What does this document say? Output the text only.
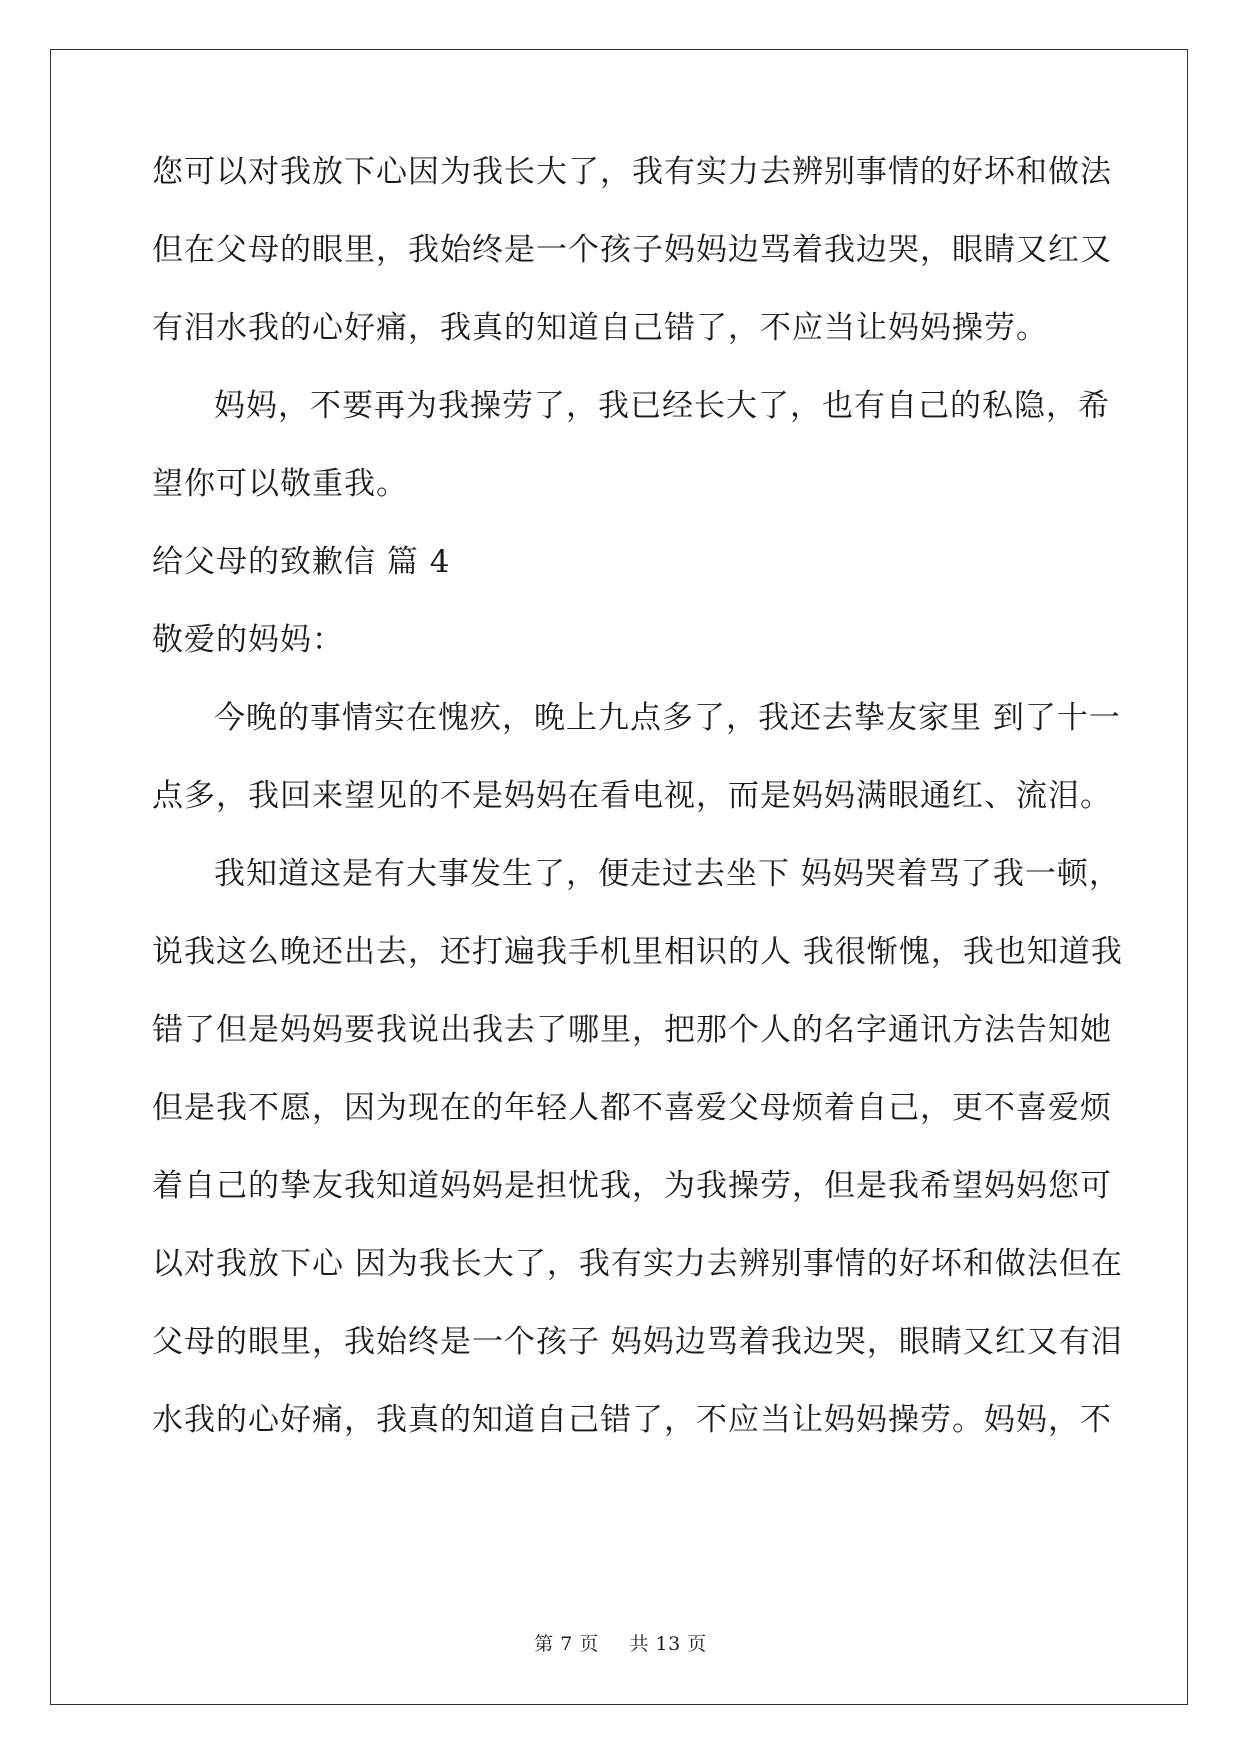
您可以对我放下心因为我长大了，我有实力去辨别事情的好坏和做法
但在父母的眼里，我始终是一个孩子妈妈边骂着我边哭，眼睛又红又
有泪水我的心好痛，我真的知道自己错了，不应当让妈妈操劳。
妈妈，不要再为我操劳了，我已经长大了，也有自己的私隐，希
望你可以敬重我。
给父母的致歉信 篇 4
敬爱的妈妈：
今晚的事情实在愧疚，晚上九点多了，我还去挚友家里 到了十一
点多，我回来望见的不是妈妈在看电视，而是妈妈满眼通红、流泪。
我知道这是有大事发生了，便走过去坐下 妈妈哭着骂了我一顿，
说我这么晚还出去，还打遍我手机里相识的人 我很惭愧，我也知道我
错了但是妈妈要我说出我去了哪里，把那个人的名字通讯方法告知她
但是我不愿，因为现在的年轻人都不喜爱父母烦着自己，更不喜爱烦
着自己的挚友我知道妈妈是担忧我，为我操劳，但是我希望妈妈您可
以对我放下心 因为我长大了，我有实力去辨别事情的好坏和做法但在
父母的眼里，我始终是一个孩子 妈妈边骂着我边哭，眼睛又红又有泪
水我的心好痛，我真的知道自己错了，不应当让妈妈操劳。妈妈，不
第 7 页 共 13 页
